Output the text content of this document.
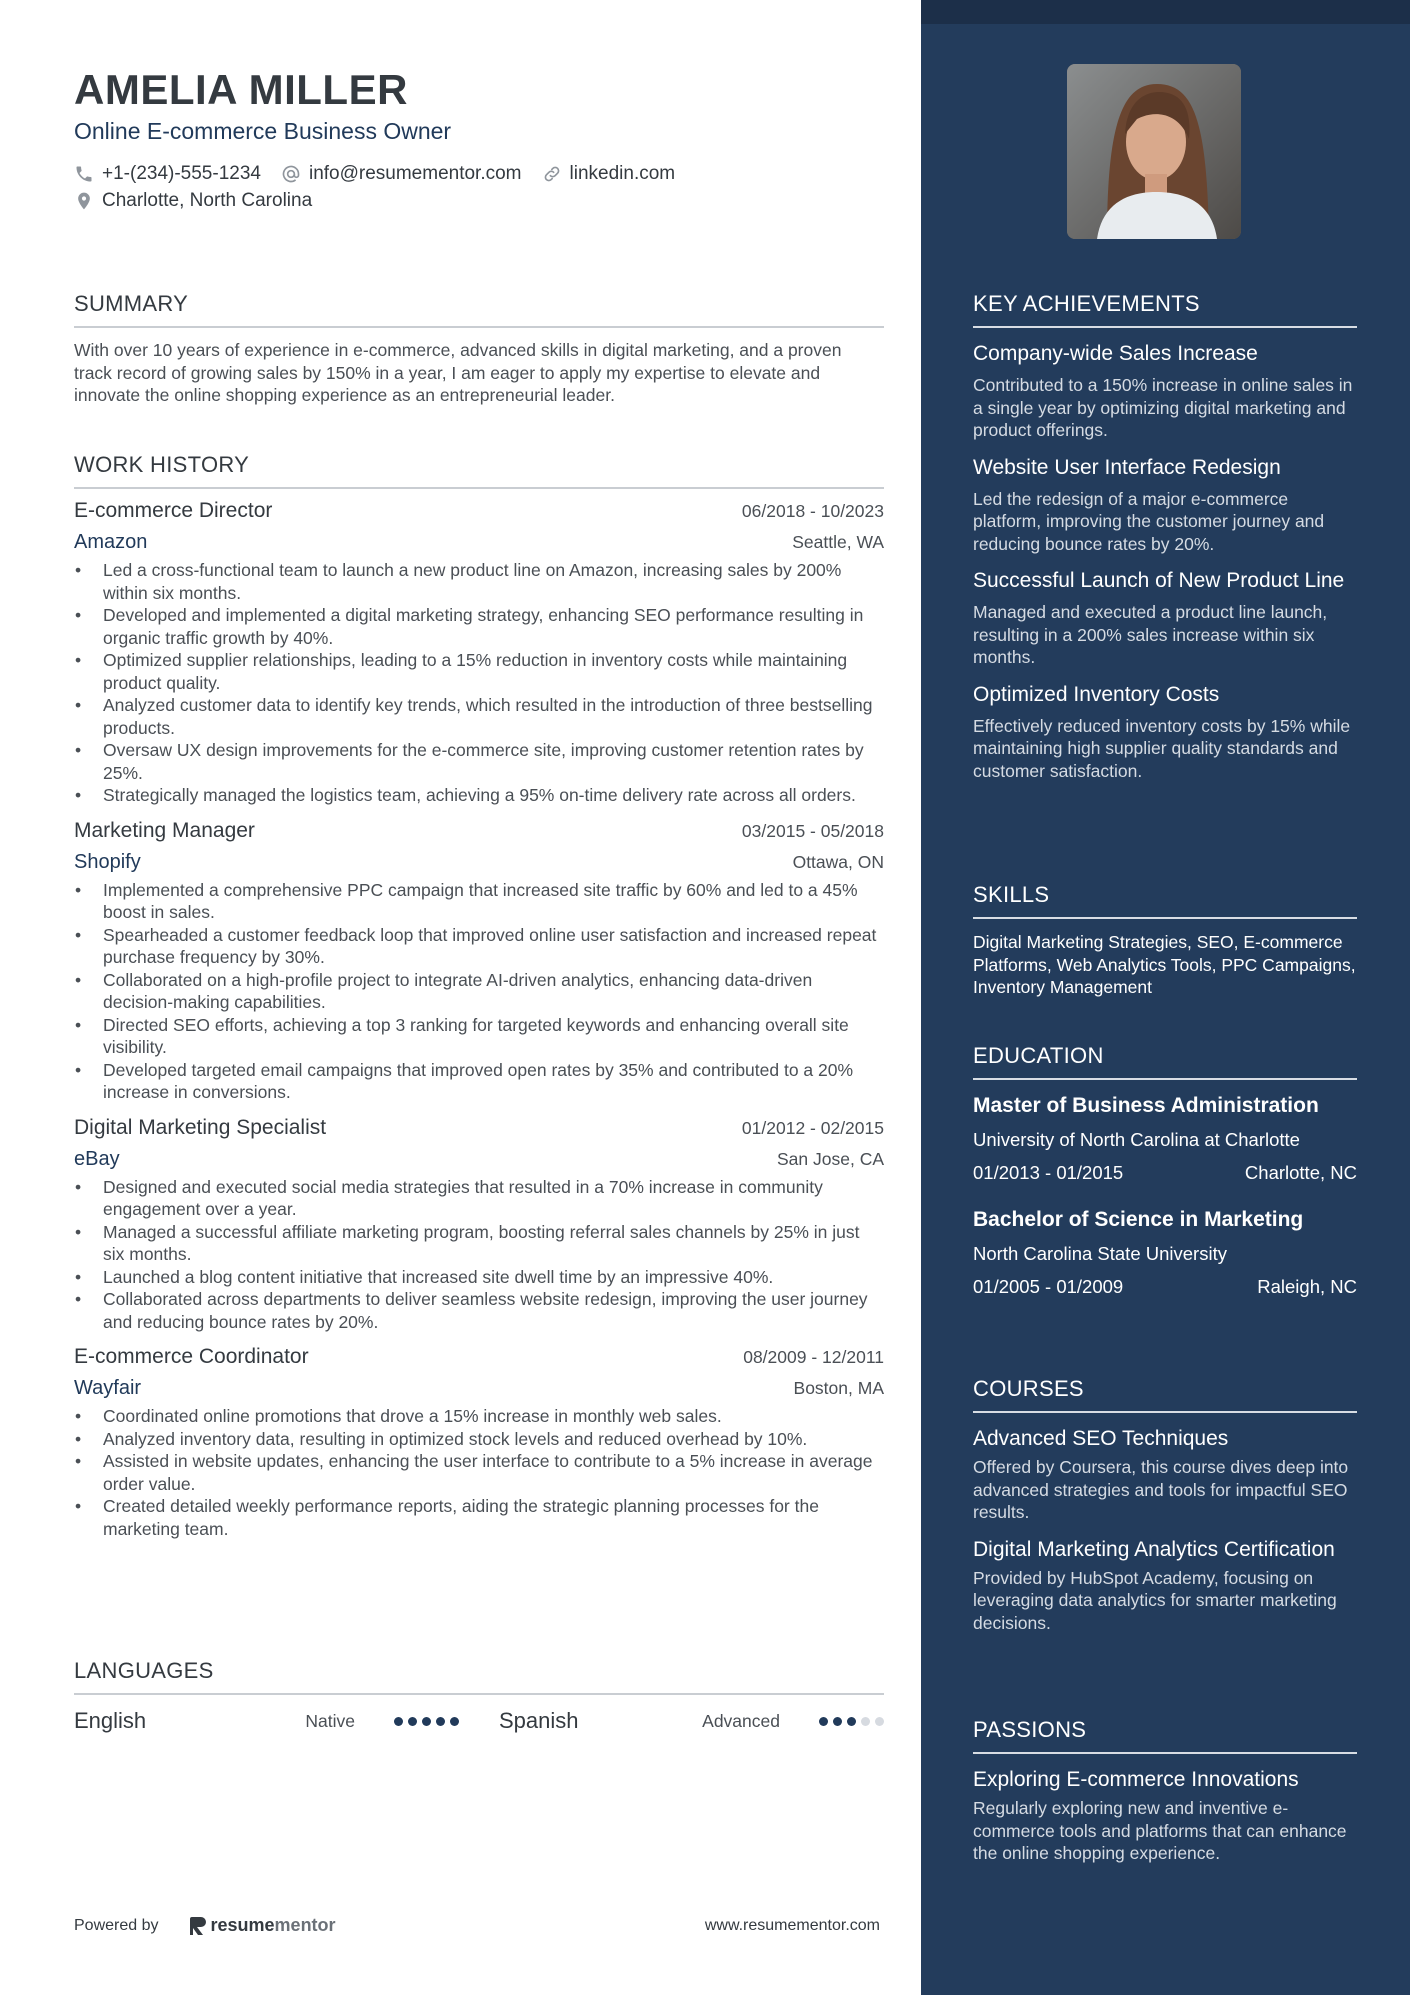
AMELIA MILLER
Online E-commerce Business Owner
+1-(234)-555-1234	info@resumementor.com	linkedin.com
Charlotte, North Carolina
SUMMARY
With over 10 years of experience in e-commerce, advanced skills in digital marketing, and a proven track record of growing sales by 150% in a year, I am eager to apply my expertise to elevate and innovate the online shopping experience as an entrepreneurial leader.
WORK HISTORY
E-commerce Director	06/2018 - 10/2023
Amazon	Seattle, WA
• Led a cross-functional team to launch a new product line on Amazon, increasing sales by 200% within six months.
• Developed and implemented a digital marketing strategy, enhancing SEO performance resulting in organic traffic growth by 40%.
• Optimized supplier relationships, leading to a 15% reduction in inventory costs while maintaining product quality.
• Analyzed customer data to identify key trends, which resulted in the introduction of three bestselling products.
• Oversaw UX design improvements for the e-commerce site, improving customer retention rates by 25%.
• Strategically managed the logistics team, achieving a 95% on-time delivery rate across all orders.
Marketing Manager	03/2015 - 05/2018
Shopify	Ottawa, ON
• Implemented a comprehensive PPC campaign that increased site traffic by 60% and led to a 45% boost in sales.
• Spearheaded a customer feedback loop that improved online user satisfaction and increased repeat purchase frequency by 30%.
• Collaborated on a high-profile project to integrate AI-driven analytics, enhancing data-driven decision-making capabilities.
• Directed SEO efforts, achieving a top 3 ranking for targeted keywords and enhancing overall site visibility.
• Developed targeted email campaigns that improved open rates by 35% and contributed to a 20% increase in conversions.
Digital Marketing Specialist	01/2012 - 02/2015
eBay	San Jose, CA
• Designed and executed social media strategies that resulted in a 70% increase in community engagement over a year.
• Managed a successful affiliate marketing program, boosting referral sales channels by 25% in just six months.
• Launched a blog content initiative that increased site dwell time by an impressive 40%.
• Collaborated across departments to deliver seamless website redesign, improving the user journey and reducing bounce rates by 20%.
E-commerce Coordinator	08/2009 - 12/2011
Wayfair	Boston, MA
• Coordinated online promotions that drove a 15% increase in monthly web sales.
• Analyzed inventory data, resulting in optimized stock levels and reduced overhead by 10%.
• Assisted in website updates, enhancing the user interface to contribute to a 5% increase in average order value.
• Created detailed weekly performance reports, aiding the strategic planning processes for the marketing team.
LANGUAGES
English	Native	Spanish	Advanced
Powered by	resume mentor	www.resumementor.com
KEY ACHIEVEMENTS
Company-wide Sales Increase
Contributed to a 150% increase in online sales in a single year by optimizing digital marketing and product offerings.
Website User Interface Redesign
Led the redesign of a major e-commerce platform, improving the customer journey and reducing bounce rates by 20%.
Successful Launch of New Product Line
Managed and executed a product line launch, resulting in a 200% sales increase within six months.
Optimized Inventory Costs
Effectively reduced inventory costs by 15% while maintaining high supplier quality standards and customer satisfaction.
SKILLS
Digital Marketing Strategies, SEO, E-commerce Platforms, Web Analytics Tools, PPC Campaigns, Inventory Management
EDUCATION
Master of Business Administration
University of North Carolina at Charlotte
01/2013 - 01/2015	Charlotte, NC
Bachelor of Science in Marketing
North Carolina State University
01/2005 - 01/2009	Raleigh, NC
COURSES
Advanced SEO Techniques
Offered by Coursera, this course dives deep into advanced strategies and tools for impactful SEO results.
Digital Marketing Analytics Certification
Provided by HubSpot Academy, focusing on leveraging data analytics for smarter marketing decisions.
PASSIONS
Exploring E-commerce Innovations
Regularly exploring new and inventive e-commerce tools and platforms that can enhance the online shopping experience.
